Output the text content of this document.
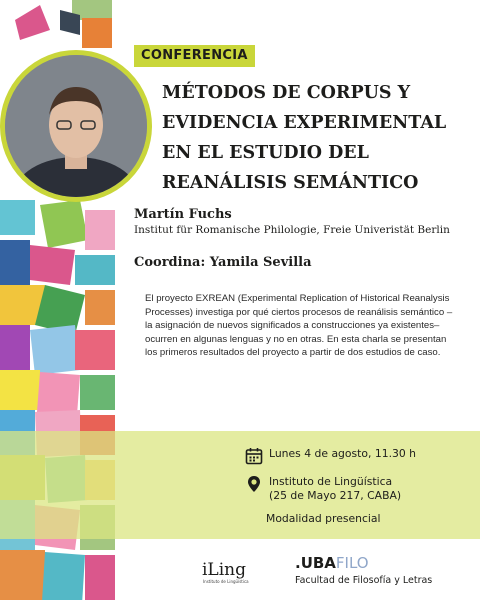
CONFERENCIA
MÉTODOS DE CORPUS Y
EVIDENCIA EXPERIMENTAL
EN EL ESTUDIO DEL
REANÁLISIS SEMÁNTICO
Martín Fuchs
Institut für Romanische Philologie, Freie Univeristät Berlin
Coordina: Yamila Sevilla

El proyecto EXREAN (Experimental Replication of Historical Reanalysis Processes) investiga por qué ciertos procesos de reanálisis semántico –la asignación de nuevos significados a construcciones ya existentes– ocurren en algunas lenguas y no en otras. En esta charla se presentan los primeros resultados del proyecto a partir de dos estudios de caso.

Lunes 4 de agosto, 11.30 h
Instituto de Lingüística
(25 de Mayo 217, CABA)
Modalidad presencial
iLing
Instituto de Lingüística
.UBAFILO
Facultad de Filosofía y Letras
